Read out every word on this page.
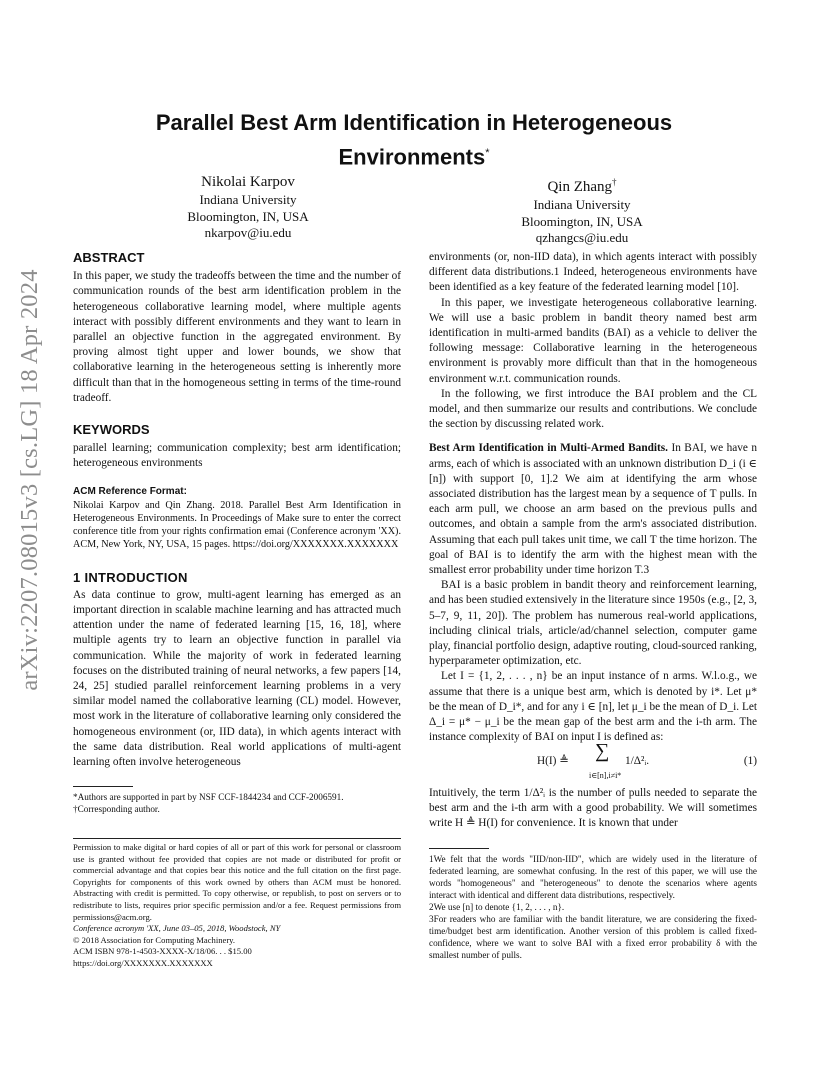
arXiv:2207.08015v3 [cs.LG] 18 Apr 2024
Parallel Best Arm Identification in Heterogeneous
Environments*
Nikolai Karpov
Indiana University
Bloomington, IN, USA
nkarpov@iu.edu
Qin Zhang†
Indiana University
Bloomington, IN, USA
qzhangcs@iu.edu
ABSTRACT

In this paper, we study the tradeoffs between the time and the number of communication rounds of the best arm identification problem in the heterogeneous collaborative learning model, where multiple agents interact with possibly different environments and they want to learn in parallel an objective function in the aggregated environment. By proving almost tight upper and lower bounds, we show that collaborative learning in the heterogeneous setting is inherently more difficult than that in the homogeneous setting in terms of the time-round tradeoff.

KEYWORDS

parallel learning; communication complexity; best arm identification; heterogeneous environments

ACM Reference Format:

Nikolai Karpov and Qin Zhang. 2018. Parallel Best Arm Identification in Heterogeneous Environments. In Proceedings of Make sure to enter the correct conference title from your rights confirmation emai (Conference acronym 'XX). ACM, New York, NY, USA, 15 pages. https://doi.org/XXXXXXX.XXXXXXX

1 INTRODUCTION

As data continue to grow, multi-agent learning has emerged as an important direction in scalable machine learning and has attracted much attention under the name of federated learning [15, 16, 18], where multiple agents try to learn an objective function in parallel via communication. While the majority of work in federated learning focuses on the distributed training of neural networks, a few papers [14, 24, 25] studied parallel reinforcement learning problems in a very similar model named the collaborative learning (CL) model. However, most work in the literature of collaborative learning only considered the homogeneous environment (or, IID data), in which agents interact with the same data distribution. Real world applications of multi-agent learning often involve heterogeneous

*Authors are supported in part by NSF CCF-1844234 and CCF-2006591.
†Corresponding author.
Permission to make digital or hard copies of all or part of this work for personal or classroom use is granted without fee provided that copies are not made or distributed for profit or commercial advantage and that copies bear this notice and the full citation on the first page. Copyrights for components of this work owned by others than ACM must be honored. Abstracting with credit is permitted. To copy otherwise, or republish, to post on servers or to redistribute to lists, requires prior specific permission and/or a fee. Request permissions from permissions@acm.org.
Conference acronym 'XX, June 03–05, 2018, Woodstock, NY
© 2018 Association for Computing Machinery.
ACM ISBN 978-1-4503-XXXX-X/18/06. . . $15.00
https://doi.org/XXXXXXX.XXXXXXX

environments (or, non-IID data), in which agents interact with possibly different data distributions.1 Indeed, heterogeneous environments have been identified as a key feature of the federated learning model [10].

In this paper, we investigate heterogeneous collaborative learning. We will use a basic problem in bandit theory named best arm identification in multi-armed bandits (BAI) as a vehicle to deliver the following message: Collaborative learning in the heterogeneous environment is provably more difficult than that in the homogeneous environment w.r.t. communication rounds.

In the following, we first introduce the BAI problem and the CL model, and then summarize our results and contributions. We conclude the section by discussing related work.

Best Arm Identification in Multi-Armed Bandits. In BAI, we have n arms, each of which is associated with an unknown distribution D_i (i ∈ [n]) with support [0, 1].2 We aim at identifying the arm whose associated distribution has the largest mean by a sequence of T pulls. In each arm pull, we choose an arm based on the previous pulls and outcomes, and obtain a sample from the arm's associated distribution. Assuming that each pull takes unit time, we call T the time horizon. The goal of BAI is to identify the arm with the highest mean with the smallest error probability under time horizon T.3

BAI is a basic problem in bandit theory and reinforcement learning, and has been studied extensively in the literature since 1950s (e.g., [2, 3, 5–7, 9, 11, 20]). The problem has numerous real-world applications, including clinical trials, article/ad/channel selection, computer game play, financial portfolio design, adaptive routing, cloud-sourced ranking, hyperparameter optimization, etc.

Let I = {1, 2, . . . , n} be an input instance of n arms. W.l.o.g., we assume that there is a unique best arm, which is denoted by i*. Let μ* be the mean of D_i*, and for any i ∈ [n], let μ_i be the mean of D_i. Let Δ_i = μ* − μ_i be the mean gap of the best arm and the i-th arm. The instance complexity of BAI on input I is defined as:

H(I) ≜ ∑
i∈[n],i≠i*
1/Δ²ᵢ.	(1)

Intuitively, the term 1/Δ²ᵢ is the number of pulls needed to separate the best arm and the i-th arm with a good probability. We will sometimes write H ≜ H(I) for convenience. It is known that under

1We felt that the words "IID/non-IID", which are widely used in the literature of federated learning, are somewhat confusing. In the rest of this paper, we will use the words "homogeneous" and "heterogeneous" to denote the scenarios where agents interact with identical and different data distributions, respectively.
2We use [n] to denote {1, 2, . . . , n}.
3For readers who are familiar with the bandit literature, we are considering the fixed-time/budget best arm identification. Another version of this problem is called fixed-confidence, where we want to solve BAI with a fixed error probability δ with the smallest number of pulls.
